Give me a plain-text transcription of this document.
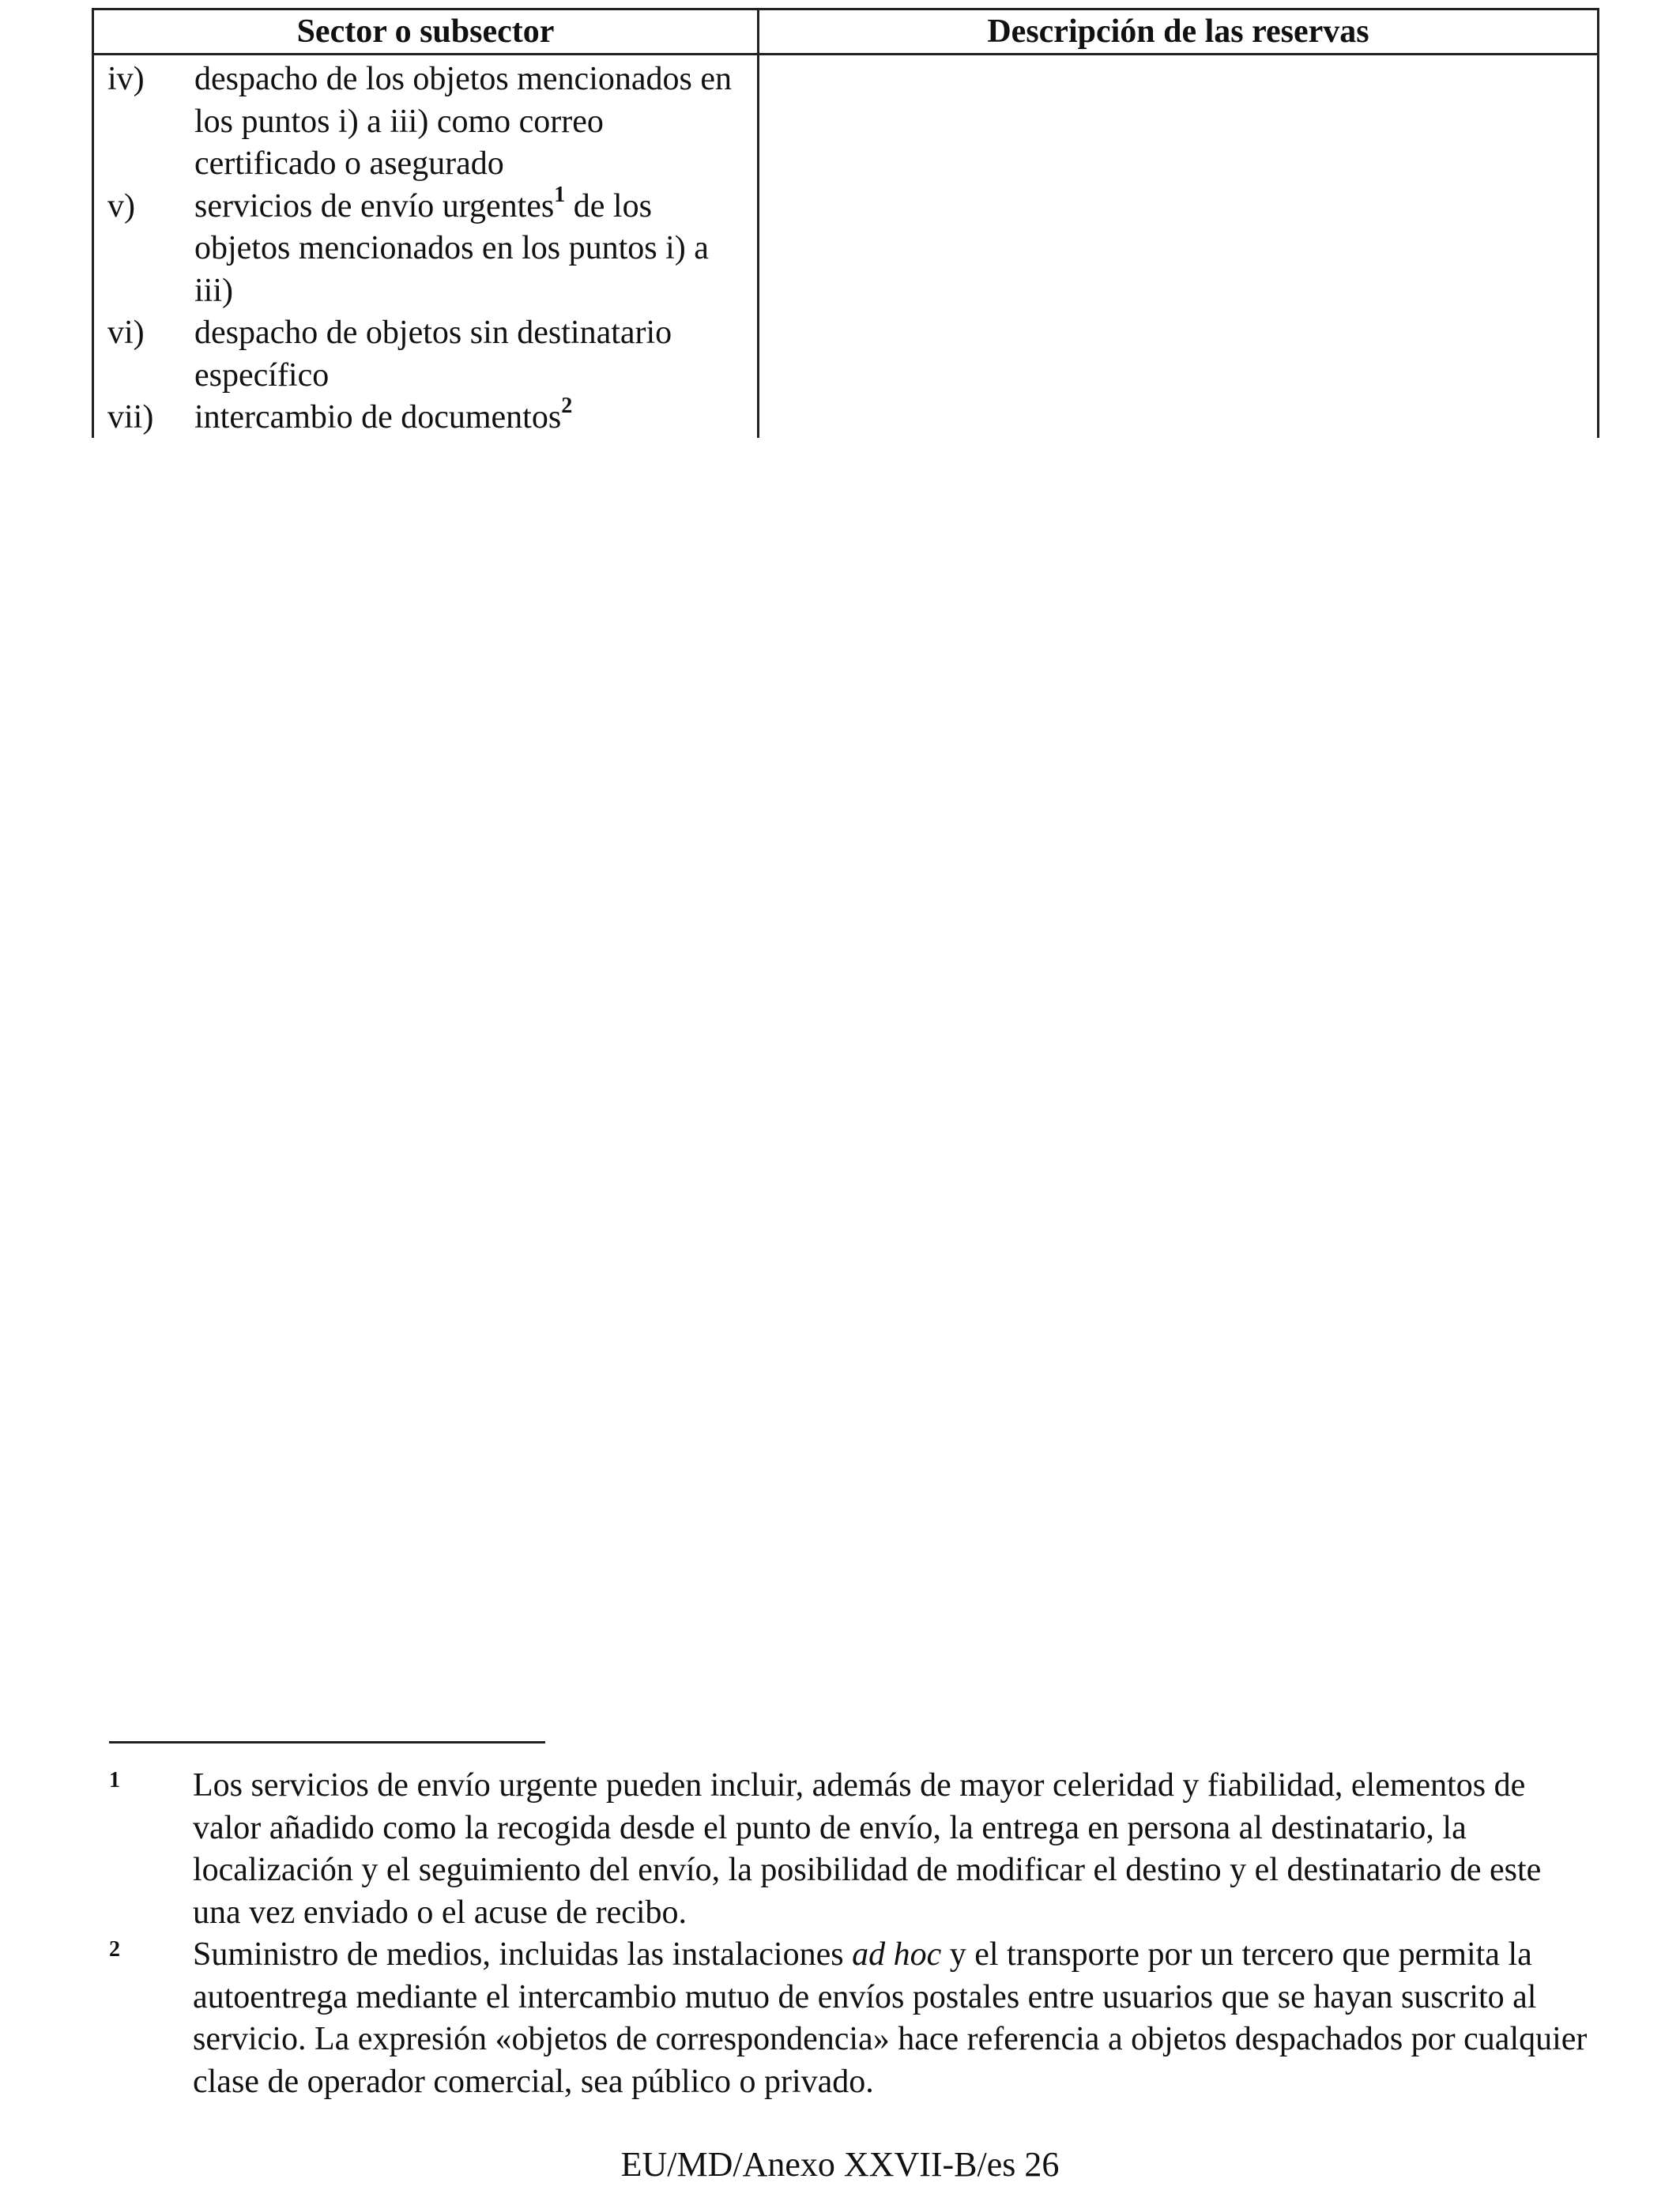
Sector o subsector	Descripción de las reservas
iv)	despacho de los objetos mencionados en los puntos i) a iii) como correo certificado o asegurado
v)	servicios de envío urgentes$^1$ de los objetos mencionados en los puntos i) a iii)
vi)	despacho de objetos sin destinatario específico
vii)	intercambio de documentos$^2$
1	Los servicios de envío urgente pueden incluir, además de mayor celeridad y fiabilidad, elementos de valor añadido como la recogida desde el punto de envío, la entrega en persona al destinatario, la localización y el seguimiento del envío, la posibilidad de modificar el destino y el destinatario de este una vez enviado o el acuse de recibo.
2	Suministro de medios, incluidas las instalaciones ad hoc y el transporte por un tercero que permita la autoentrega mediante el intercambio mutuo de envíos postales entre usuarios que se hayan suscrito al servicio. La expresión «objetos de correspondencia» hace referencia a objetos despachados por cualquier clase de operador comercial, sea público o privado.
EU/MD/Anexo XXVII-B/es 26
